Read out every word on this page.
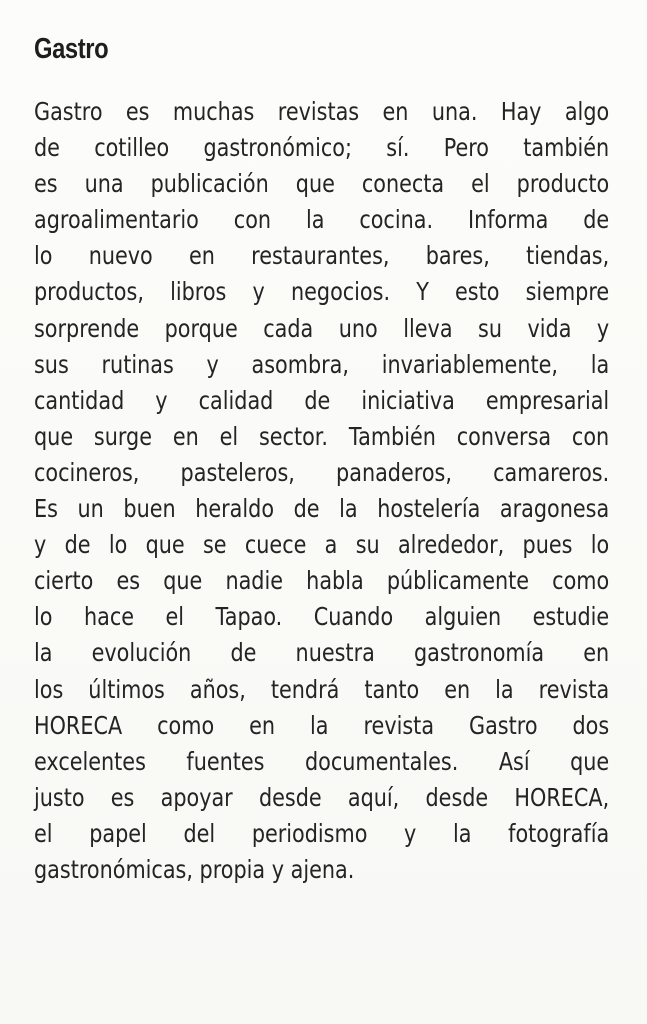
Gastro
Gastro es muchas revistas en una. Hay algo
de cotilleo gastronómico; sí. Pero también
es una publicación que conecta el producto
agroalimentario con la cocina. Informa de
lo nuevo en restaurantes, bares, tiendas,
productos, libros y negocios. Y esto siempre
sorprende porque cada uno lleva su vida y
sus rutinas y asombra, invariablemente, la
cantidad y calidad de iniciativa empresarial
que surge en el sector. También conversa con
cocineros, pasteleros, panaderos, camareros.
Es un buen heraldo de la hostelería aragonesa
y de lo que se cuece a su alrededor, pues lo
cierto es que nadie habla públicamente como
lo hace el Tapao. Cuando alguien estudie
la evolución de nuestra gastronomía en
los últimos años, tendrá tanto en la revista
HORECA como en la revista Gastro dos
excelentes fuentes documentales. Así que
justo es apoyar desde aquí, desde HORECA,
el papel del periodismo y la fotografía
gastronómicas, propia y ajena.
